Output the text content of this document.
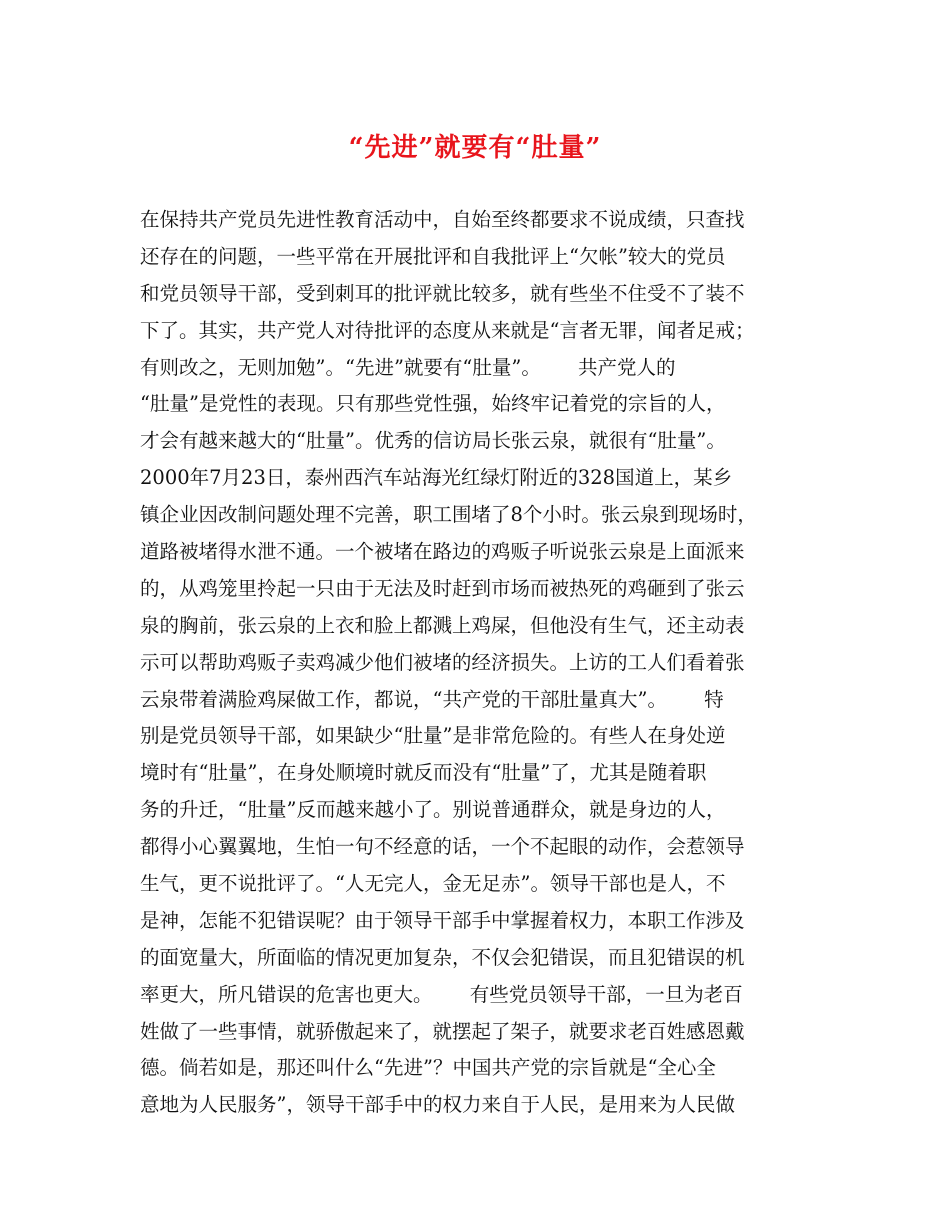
“先进”就要有“肚量”
在保持共产党员先进性教育活动中，自始至终都要求不说成绩，只查找
还存在的问题，一些平常在开展批评和自我批评上“欠帐”较大的党员
和党员领导干部，受到刺耳的批评就比较多，就有些坐不住受不了装不
下了。其实，共产党人对待批评的态度从来就是“言者无罪，闻者足戒；
有则改之，无则加勉”。“先进”就要有“肚量”。      共产党人的
“肚量”是党性的表现。只有那些党性强，始终牢记着党的宗旨的人，
才会有越来越大的“肚量”。优秀的信访局长张云泉，就很有“肚量”。
2000年7月23日，泰州西汽车站海光红绿灯附近的328国道上，某乡
镇企业因改制问题处理不完善，职工围堵了8个小时。张云泉到现场时，
道路被堵得水泄不通。一个被堵在路边的鸡贩子听说张云泉是上面派来
的，从鸡笼里拎起一只由于无法及时赶到市场而被热死的鸡砸到了张云
泉的胸前，张云泉的上衣和脸上都溅上鸡屎，但他没有生气，还主动表
示可以帮助鸡贩子卖鸡减少他们被堵的经济损失。上访的工人们看着张
云泉带着满脸鸡屎做工作，都说，“共产党的干部肚量真大”。      特
别是党员领导干部，如果缺少“肚量”是非常危险的。有些人在身处逆
境时有“肚量”，在身处顺境时就反而没有“肚量”了，尤其是随着职
务的升迁，“肚量”反而越来越小了。别说普通群众，就是身边的人，
都得小心翼翼地，生怕一句不经意的话，一个不起眼的动作，会惹领导
生气，更不说批评了。“人无完人，金无足赤”。领导干部也是人，不
是神，怎能不犯错误呢？由于领导干部手中掌握着权力，本职工作涉及
的面宽量大，所面临的情况更加复杂，不仅会犯错误，而且犯错误的机
率更大，所凡错误的危害也更大。      有些党员领导干部，一旦为老百
姓做了一些事情，就骄傲起来了，就摆起了架子，就要求老百姓感恩戴
德。倘若如是，那还叫什么“先进”？中国共产党的宗旨就是“全心全
意地为人民服务”，领导干部手中的权力来自于人民，是用来为人民做
